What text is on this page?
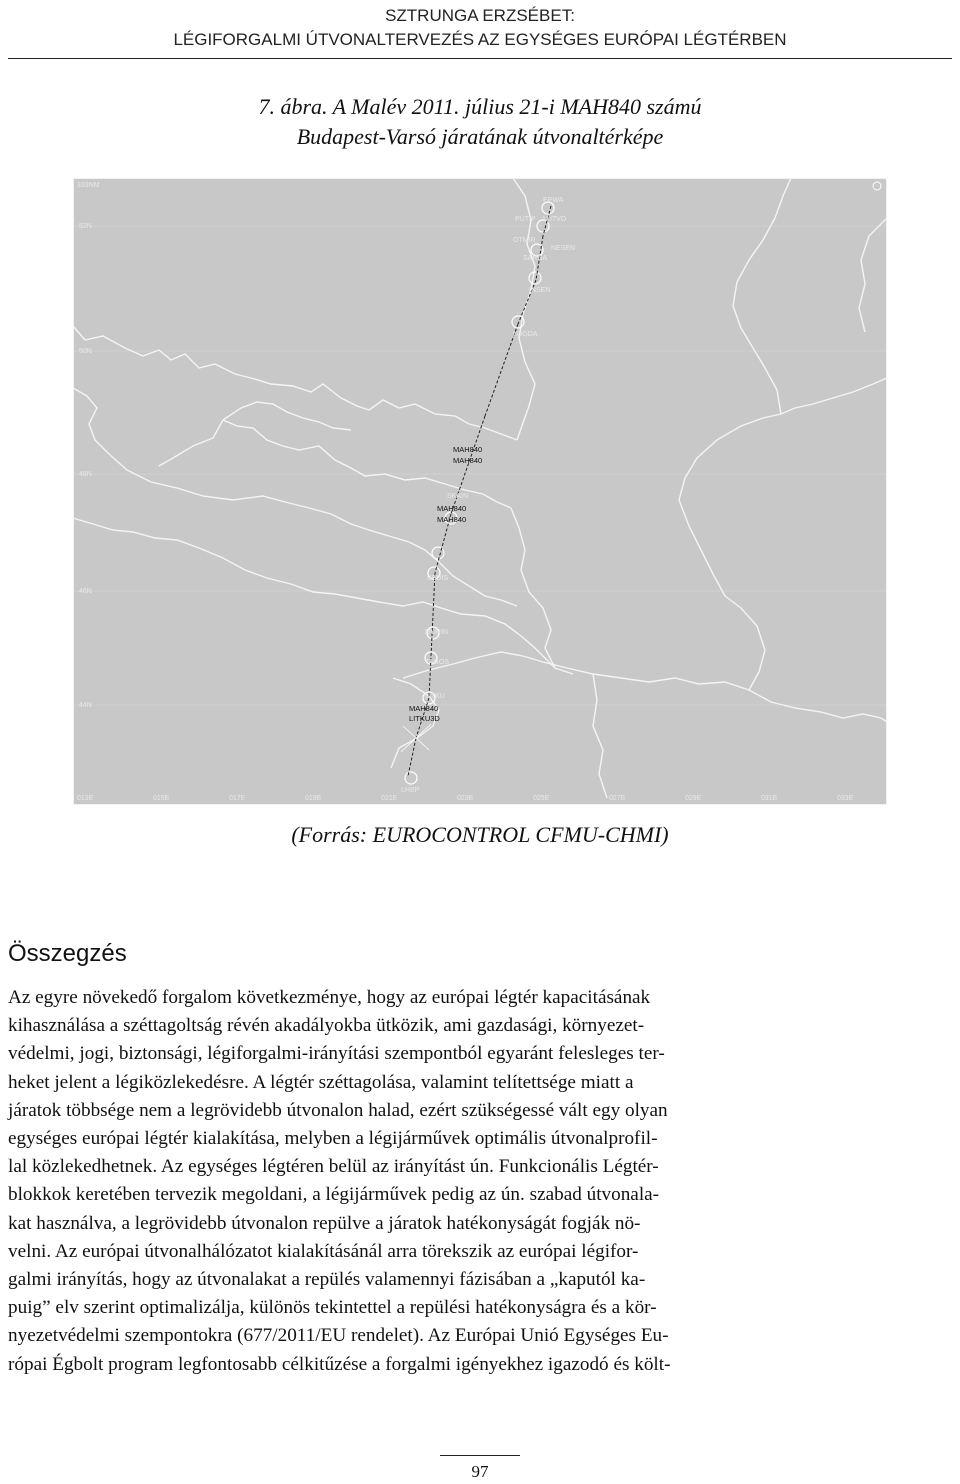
SZTRUNGA ERZSÉBET:
LÉGIFORGALMI ÚTVONALTERVEZÉS AZ EGYSÉGES EURÓPAI LÉGTÉRBEN
7. ábra. A Malév 2011. július 21-i MAH840 számú
Budapest-Varsó járatának útvonaltérképe
333NM
52N
50N
48N
46N
44N
013E	015E	017E	019E	021E	023E	025E	027E	029E	031E	033E
EPWA
PUTIP LUTVO
OTMIR
NESEN
SARNA
INSEN
LOGDA
SKAIN
BEDIS
MURIN
TAGOS
LITKU
LHBP
MAH840
MAH840
MAH840
MAH840
MAH840
LITKU3D
(Forrás: EUROCONTROL CFMU-CHMI)
Összegzés
Az egyre növekedő forgalom következménye, hogy az európai légtér kapacitásának
kihasználása a széttagoltság révén akadályokba ütközik, ami gazdasági, környezet-
védelmi, jogi, biztonsági, légiforgalmi-irányítási szempontból egyaránt felesleges ter-
heket jelent a légiközlekedésre. A légtér széttagolása, valamint telítettsége miatt a
járatok többsége nem a legrövidebb útvonalon halad, ezért szükségessé vált egy olyan
egységes európai légtér kialakítása, melyben a légijárművek optimális útvonalprofil-
lal közlekedhetnek. Az egységes légtéren belül az irányítást ún. Funkcionális Légtér-
blokkok keretében tervezik megoldani, a légijárművek pedig az ún. szabad útvonala-
kat használva, a legrövidebb útvonalon repülve a járatok hatékonyságát fogják nö-
velni. Az európai útvonalhálózatot kialakításánál arra törekszik az európai légifor-
galmi irányítás, hogy az útvonalakat a repülés valamennyi fázisában a „kaputól ka-
puig” elv szerint optimalizálja, különös tekintettel a repülési hatékonyságra és a kör-
nyezetvédelmi szempontokra (677/2011/EU rendelet). Az Európai Unió Egységes Eu-
rópai Égbolt program legfontosabb célkitűzése a forgalmi igényekhez igazodó és költ-
97
